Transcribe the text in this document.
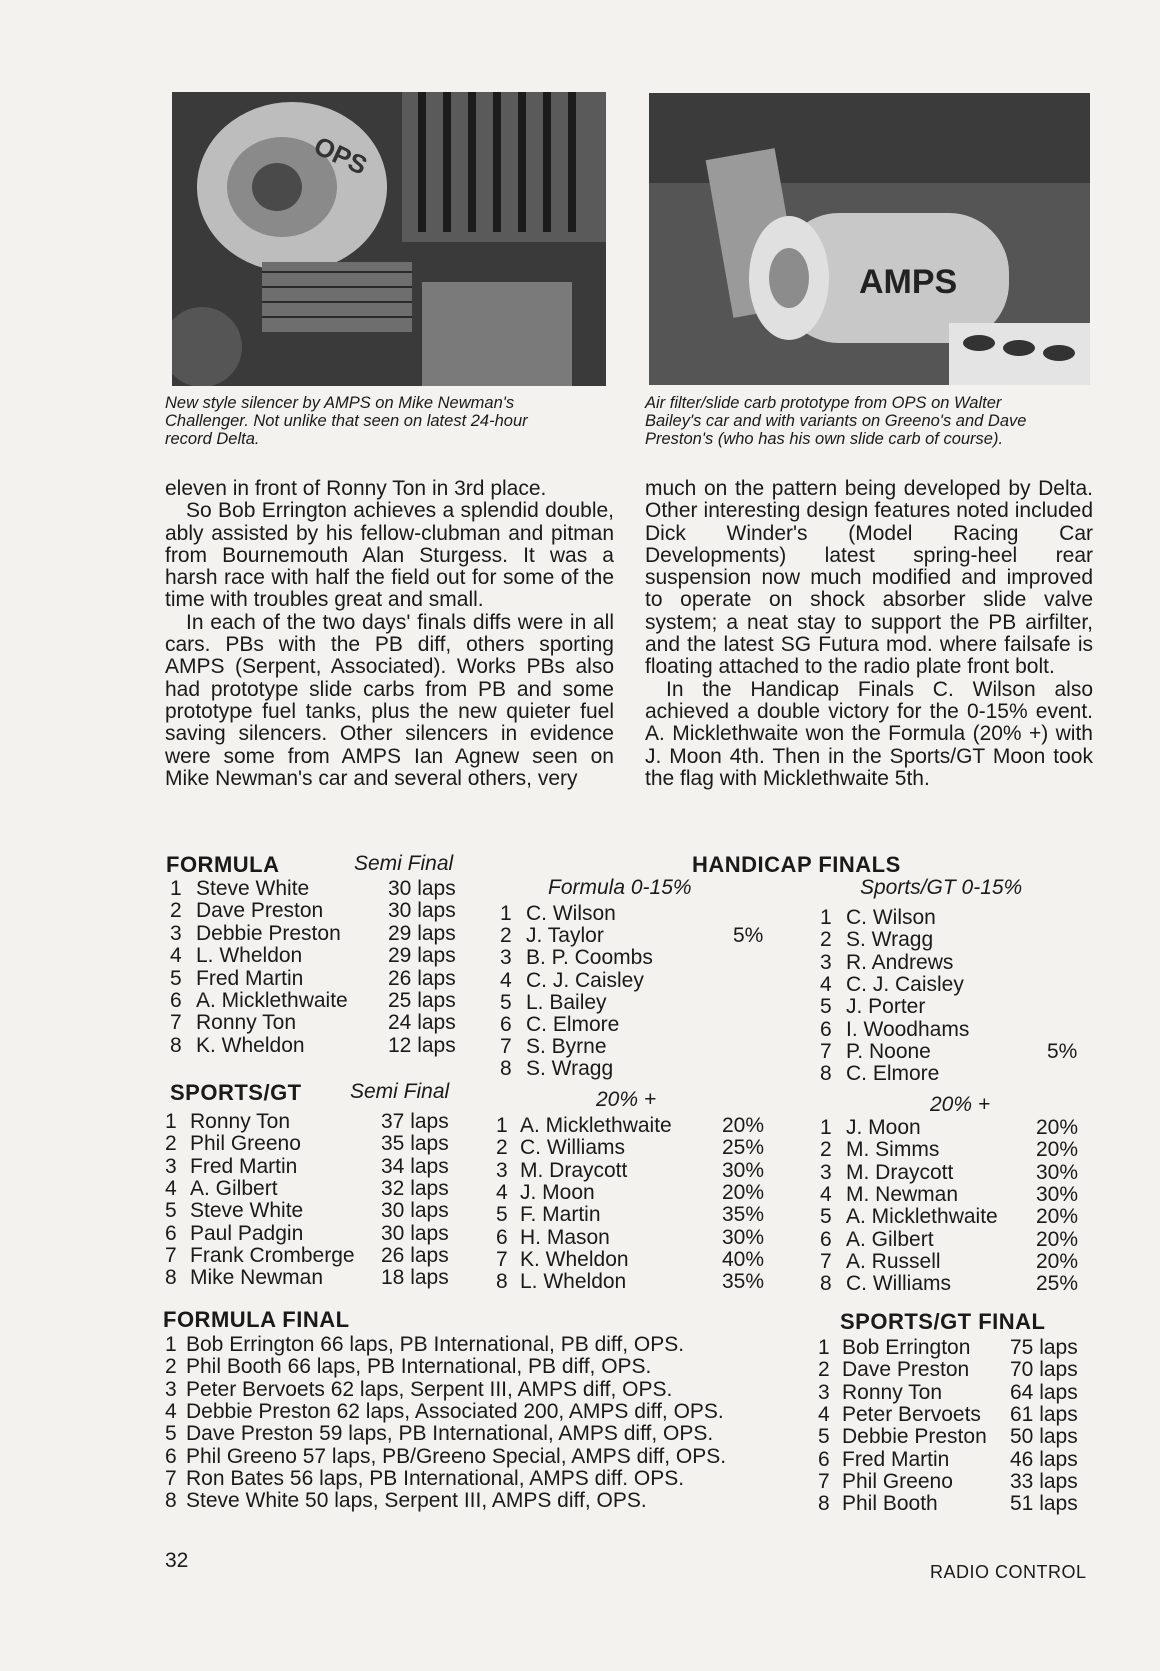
OPS
AMPS
New style silencer by AMPS on Mike Newman's
Challenger. Not unlike that seen on latest 24-hour
record Delta.
Air filter/slide carb prototype from OPS on Walter
Bailey's car and with variants on Greeno's and Dave
Preston's (who has his own slide carb of course).

eleven in front of Ronny Ton in 3rd place.

So Bob Errington achieves a splendid double, ably assisted by his fellow-clubman and pitman from Bournemouth Alan Sturgess. It was a harsh race with half the field out for some of the time with troubles great and small.

In each of the two days' finals diffs were in all cars. PBs with the PB diff, others sporting AMPS (Serpent, Associated). Works PBs also had prototype slide carbs from PB and some prototype fuel tanks, plus the new quieter fuel saving silencers. Other silencers in evidence were some from AMPS Ian Agnew seen on Mike Newman's car and several others, very

much on the pattern being developed by Delta. Other interesting design features noted included Dick Winder's (Model Racing Car Developments) latest spring-heel rear suspension now much modified and improved to operate on shock absorber slide valve system; a neat stay to support the PB airfilter, and the latest SG Futura mod. where failsafe is floating attached to the radio plate front bolt.

In the Handicap Finals C. Wilson also achieved a double victory for the 0-15% event. A. Micklethwaite won the Formula (20% +) with J. Moon 4th. Then in the Sports/GT Moon took the flag with Micklethwaite 5th.

FORMULA	Semi Final
1 Steve White	30 laps
2 Dave Preston	30 laps
3 Debbie Preston 29 laps
4 L. Wheldon	29 laps
5 Fred Martin	26 laps
6 A. Micklethwaite 25 laps
7 Ronny Ton	24 laps
8 K. Wheldon	12 laps
SPORTS/GT Semi Final
1 Ronny Ton	37 laps
2 Phil Greeno	35 laps
3 Fred Martin	34 laps
4 A. Gilbert	32 laps
5 Steve White	30 laps
6 Paul Padgin	30 laps
7 Frank Cromberge 26 laps
8 Mike Newman	18 laps
HANDICAP FINALS
Formula 0-15%	Sports/GT 0-15%
20% +	20% +
1 C. Wilson
2 J. Taylor	5%
3 B. P. Coombs
4 C. J. Caisley
5 L. Bailey
6 C. Elmore
7 S. Byrne
8 S. Wragg
1 A. Micklethwaite 20%
2 C. Williams	25%
3 M. Draycott	30%
4 J. Moon	20%
5 F. Martin	35%
6 H. Mason	30%
7 K. Wheldon	40%
8 L. Wheldon	35%
1 C. Wilson
2 S. Wragg
3 R. Andrews
4 C. J. Caisley
5 J. Porter
6 I. Woodhams
7 P. Noone	5%
8 C. Elmore
1 J. Moon	20%
2 M. Simms	20%
3 M. Draycott	30%
4 M. Newman	30%
5 A. Micklethwaite 20%
6 A. Gilbert	20%
7 A. Russell	20%
8 C. Williams	25%
FORMULA FINAL
1 Bob Errington 66 laps, PB International, PB diff, OPS.
2 Phil Booth 66 laps, PB International, PB diff, OPS.
3 Peter Bervoets 62 laps, Serpent III, AMPS diff, OPS.
4 Debbie Preston 62 laps, Associated 200, AMPS diff, OPS.
5 Dave Preston 59 laps, PB International, AMPS diff, OPS.
6 Phil Greeno 57 laps, PB/Greeno Special, AMPS diff, OPS.
7 Ron Bates 56 laps, PB International, AMPS diff. OPS.
8 Steve White 50 laps, Serpent III, AMPS diff, OPS.
SPORTS/GT FINAL
1 Bob Errington 75 laps
2 Dave Preston 70 laps
3 Ronny Ton	64 laps
4 Peter Bervoets 61 laps
5 Debbie Preston 50 laps
6 Fred Martin	46 laps
7 Phil Greeno	33 laps
8 Phil Booth	51 laps
32	RADIO CONTROL
